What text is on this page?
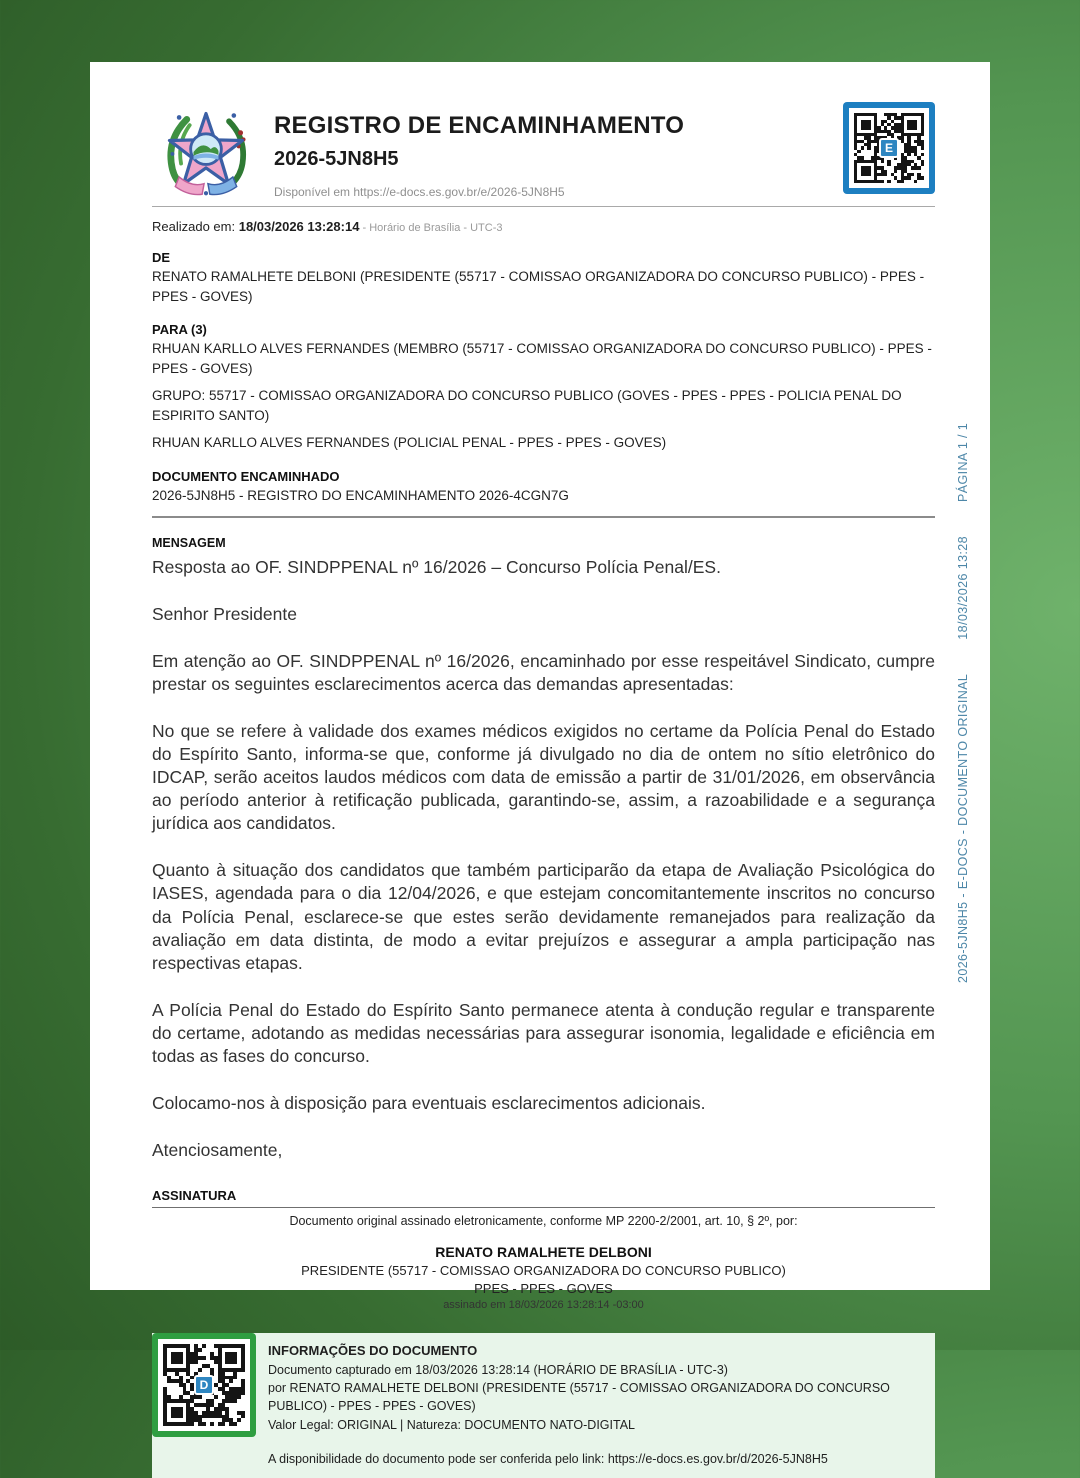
REGISTRO DE ENCAMINHAMENTO
2026-5JN8H5
Disponível em https://e-docs.es.gov.br/e/2026-5JN8H5
E
Realizado em: 18/03/2026 13:28:14 - Horário de Brasília - UTC-3
DE
RENATO RAMALHETE DELBONI (PRESIDENTE (55717 - COMISSAO ORGANIZADORA DO CONCURSO PUBLICO) - PPES - PPES - GOVES)
PARA (3)
RHUAN KARLLO ALVES FERNANDES (MEMBRO (55717 - COMISSAO ORGANIZADORA DO CONCURSO PUBLICO) - PPES - PPES - GOVES)
GRUPO: 55717 - COMISSAO ORGANIZADORA DO CONCURSO PUBLICO (GOVES - PPES - PPES - POLICIA PENAL DO ESPIRITO SANTO)
RHUAN KARLLO ALVES FERNANDES (POLICIAL PENAL - PPES - PPES - GOVES)
DOCUMENTO ENCAMINHADO
2026-5JN8H5 - REGISTRO DO ENCAMINHAMENTO 2026-4CGN7G
MENSAGEM
Resposta ao OF. SINDPPENAL nº 16/2026 – Concurso Polícia Penal/ES.
Senhor Presidente
Em atenção ao OF. SINDPPENAL nº 16/2026, encaminhado por esse respeitável Sindicato, cumpre prestar os seguintes esclarecimentos acerca das demandas apresentadas:
No que se refere à validade dos exames médicos exigidos no certame da Polícia Penal do Estado do Espírito Santo, informa-se que, conforme já divulgado no dia de ontem no sítio eletrônico do IDCAP, serão aceitos laudos médicos com data de emissão a partir de 31/01/2026, em observância ao período anterior à retificação publicada, garantindo-se, assim, a razoabilidade e a segurança jurídica aos candidatos.
Quanto à situação dos candidatos que também participarão da etapa de Avaliação Psicológica do IASES, agendada para o dia 12/04/2026, e que estejam concomitantemente inscritos no concurso da Polícia Penal, esclarece-se que estes serão devidamente remanejados para realização da avaliação em data distinta, de modo a evitar prejuízos e assegurar a ampla participação nas respectivas etapas.
A Polícia Penal do Estado do Espírito Santo permanece atenta à condução regular e transparente do certame, adotando as medidas necessárias para assegurar isonomia, legalidade e eficiência em todas as fases do concurso.
Colocamo-nos à disposição para eventuais esclarecimentos adicionais.
Atenciosamente,
ASSINATURA
Documento original assinado eletronicamente, conforme MP 2200-2/2001, art. 10, § 2º, por:
RENATO RAMALHETE DELBONI
PRESIDENTE (55717 - COMISSAO ORGANIZADORA DO CONCURSO PUBLICO)
PPES - PPES - GOVES
assinado em 18/03/2026 13:28:14 -03:00
D
INFORMAÇÕES DO DOCUMENTO
Documento capturado em 18/03/2026 13:28:14 (HORÁRIO DE BRASÍLIA - UTC-3)
por RENATO RAMALHETE DELBONI (PRESIDENTE (55717 - COMISSAO ORGANIZADORA DO CONCURSO PUBLICO) - PPES - PPES - GOVES)
Valor Legal: ORIGINAL | Natureza: DOCUMENTO NATO-DIGITAL
A disponibilidade do documento pode ser conferida pelo link: https://e-docs.es.gov.br/d/2026-5JN8H5
2026-5JN8H5 - E-DOCS - DOCUMENTO ORIGINAL
18/03/2026 13:28
PÁGINA 1 / 1
